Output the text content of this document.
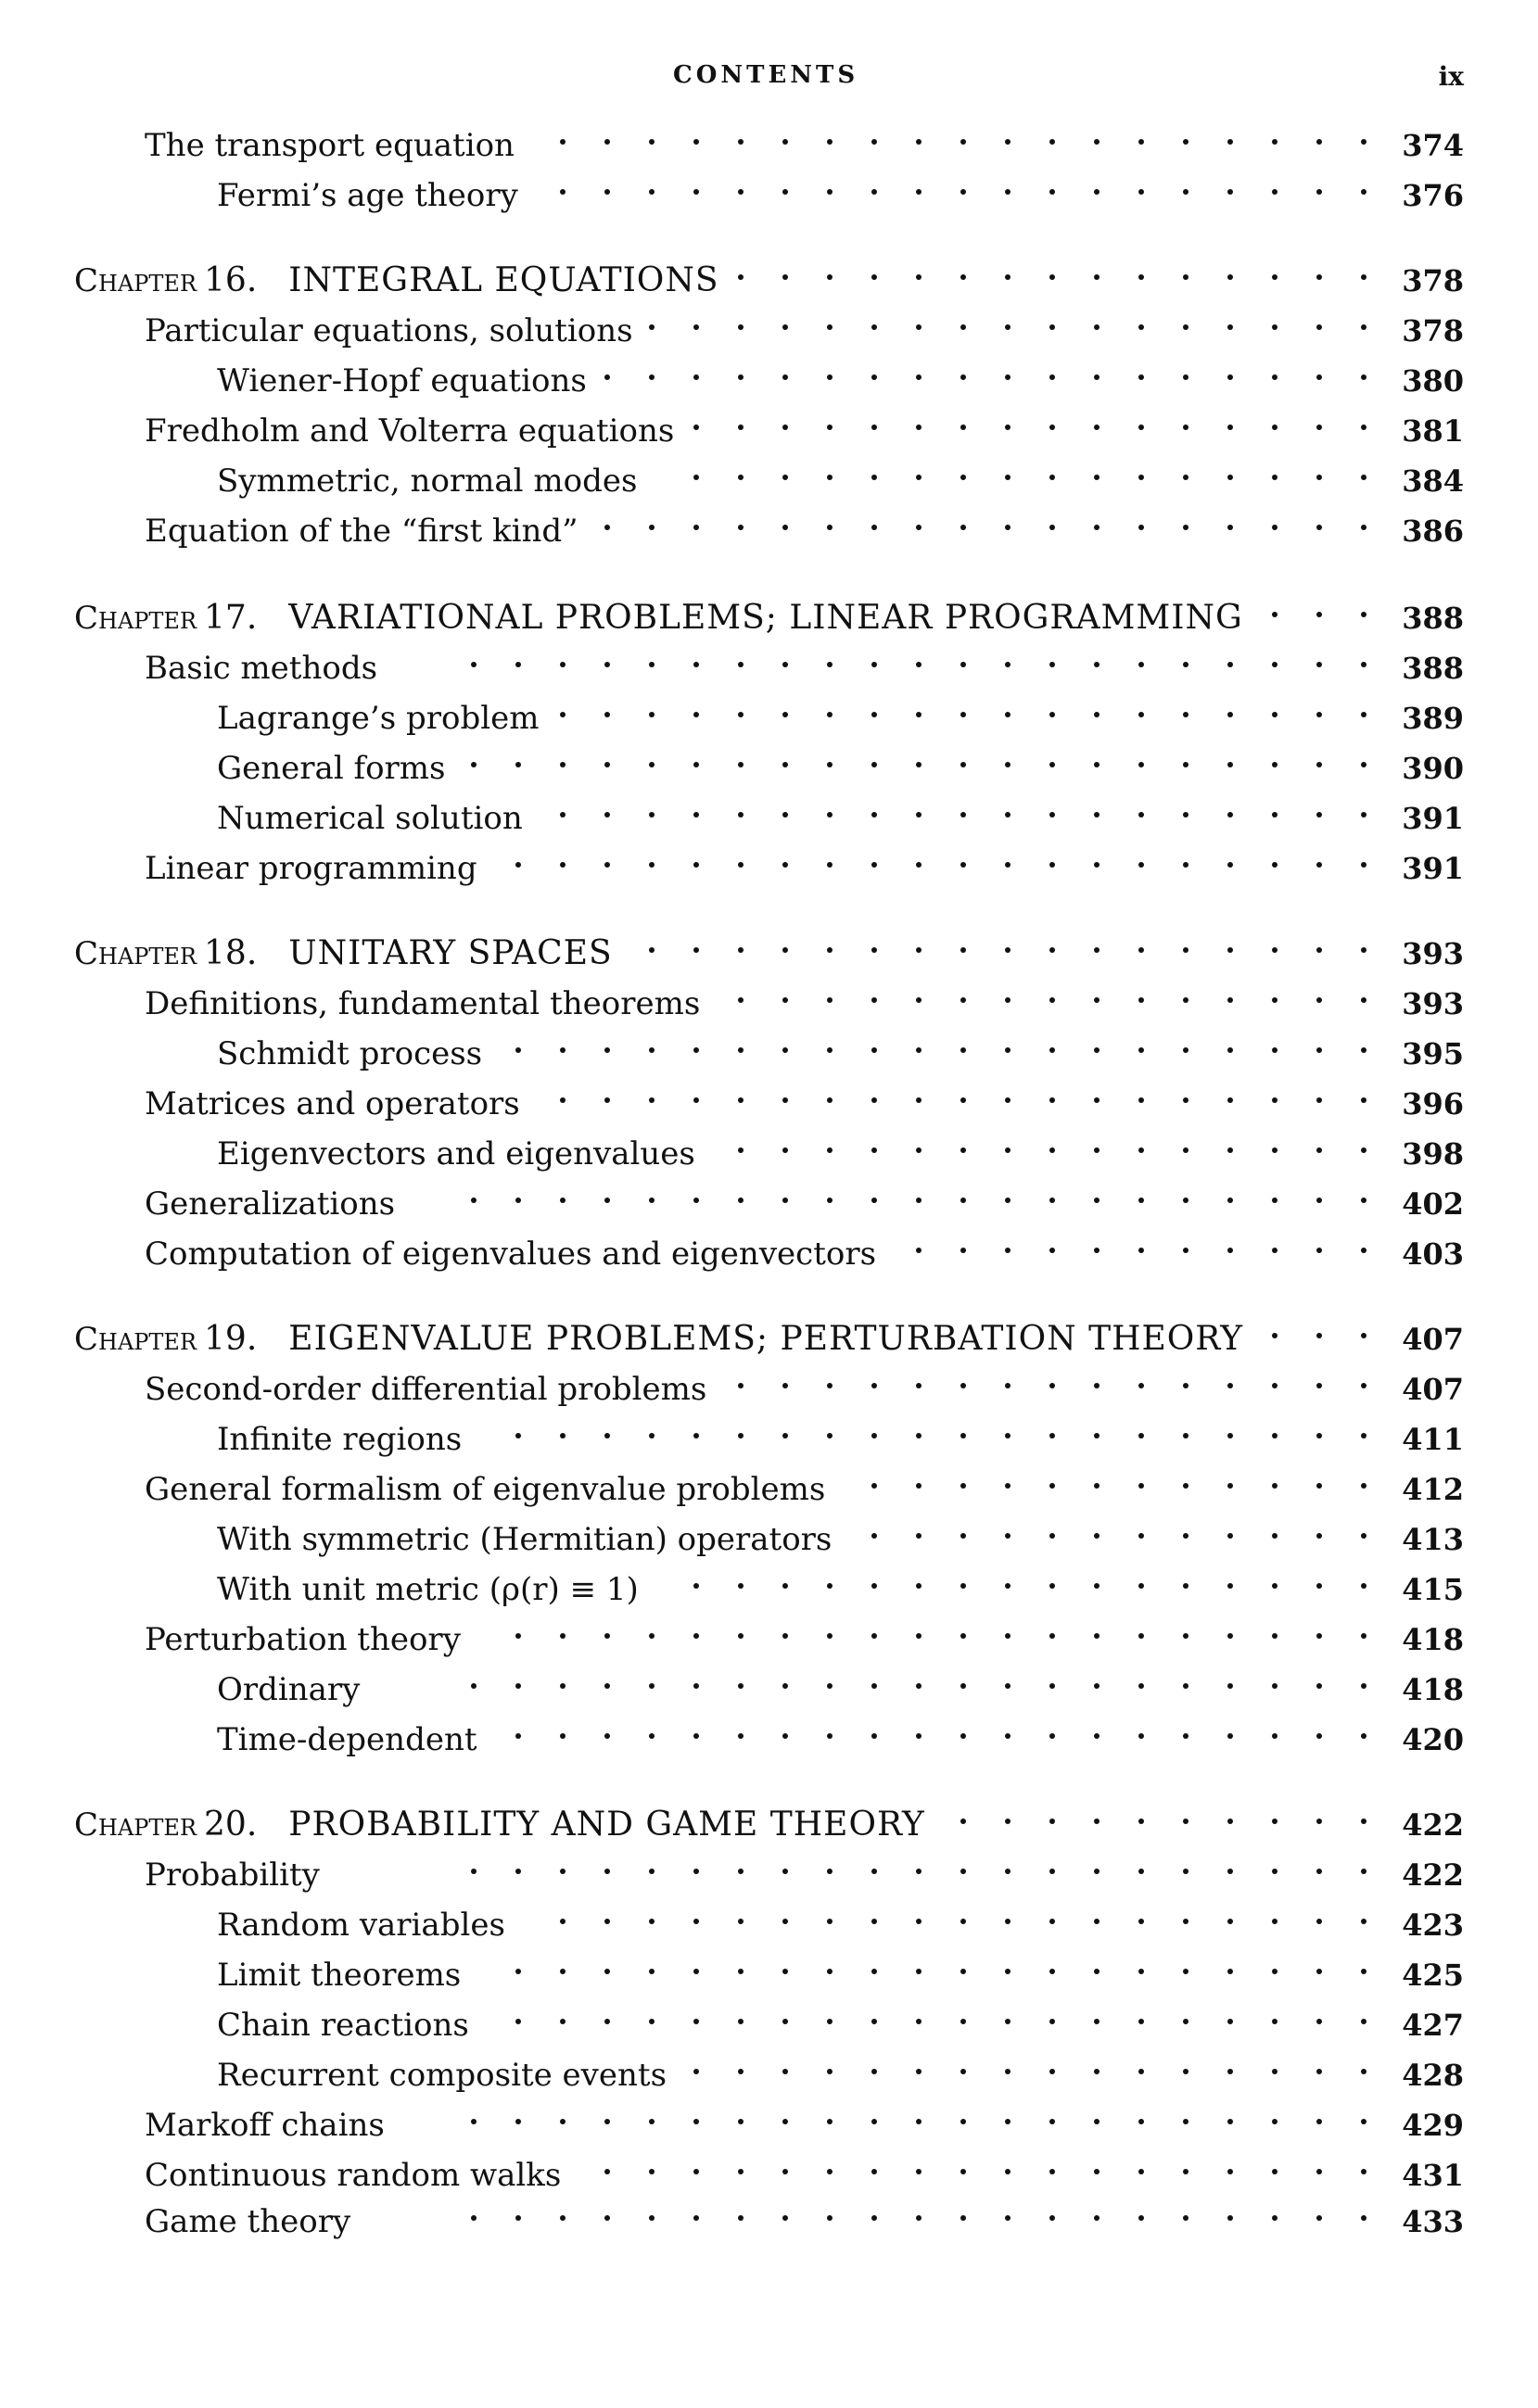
CONTENTS	ix
The transport equation	374
Fermi’s age theory	376
Chapter 16. INTEGRAL EQUATIONS	378
Particular equations, solutions	378
Wiener-Hopf equations	380
Fredholm and Volterra equations	381
Symmetric, normal modes	384
Equation of the “first kind”	386
Chapter 17. VARIATIONAL PROBLEMS; LINEAR PROGRAMMING	388
Basic methods	388
Lagrange’s problem	389
General forms	390
Numerical solution	391
Linear programming	391
Chapter 18. UNITARY SPACES	393
Definitions, fundamental theorems	393
Schmidt process	395
Matrices and operators	396
Eigenvectors and eigenvalues	398
Generalizations	402
Computation of eigenvalues and eigenvectors	403
Chapter 19. EIGENVALUE PROBLEMS; PERTURBATION THEORY	407
Second-order differential problems	407
Infinite regions	411
General formalism of eigenvalue problems	412
With symmetric (Hermitian) operators	413
With unit metric (ρ(r) ≡ 1)	415
Perturbation theory	418
Ordinary	418
Time-dependent	420
Chapter 20. PROBABILITY AND GAME THEORY	422
Probability	422
Random variables	423
Limit theorems	425
Chain reactions	427
Recurrent composite events	428
Markoff chains	429
Continuous random walks	431
Game theory	433
